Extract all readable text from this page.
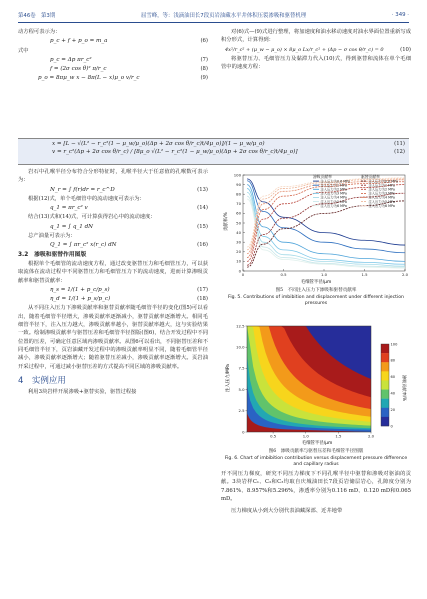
第46卷　第3期	屈雪峰，等：浅滴油田长7段页岩油藏水平井体积压裂渗吸和驱替机理	· 349 ·

动方程可表示为：

p_c + f + p_o = m_a	(6)

式中

p_c = Δp πr_c²	(7)
f = (2σ cos θ)² π/r_c	(8)
p_o = 8πμ_w x − 8π(L − x)μ_o v/r_c	(9)

对(6)式—(9)式进行整理，将加速度和油水移动速度对油水界面位置重新写成积分形式，计算得到：

4x²/r_c² + (μ_w − μ_o) × 8μ_o Lx/r_c² + (Δp − σ cos θ/r_c) = 0	(10)

将驱替压力、毛细管压力及黏滞力代入(10)式，得到驱替和流体在单个毛细管中的速度方程：

x = [L − √(L² − r_c²(1 − μ_w/μ_o)(Δp + 2σ cos θ/r_c)t/4μ_o)]/(1 − μ_w/μ_o)	(11)
v = r_c²(Δp + 2σ cos θ/r_c) / [8μ_o √(L² − r_c²(1 − μ_w/μ_o)(Δp + 2σ cos θ/r_c)t/4μ_o)]	(12)

岩石中孔喉半径分布符合分形特征时，孔喉半径大于任意值的孔喉数可表示为：

N_r = ∫ f(r)dr = r_c^D	(13)

根据(12)式，单个毛细管中的流动速度可表示为：

q_1 = πr_c² v	(14)

结合(13)式和(14)式，可计算获得岩心中的流动速度：

q_1 = ∫ q_1 dN	(15)

总产油量可表示为：

Q_1 = ∫ πr_c² x(r_c) dN	(16)

3.2　渗吸和驱替作用图版

根据单个毛细管的流动速度方程，通过改变驱替压力和毛细管压力，可以获取流体在流动过程中不同驱替压力和毛细管压力下的流动速度，进而计算渗吸贡献率和驱替贡献率：

η_s = 1/(1 + p_c/p_s)	(17)
η_d = 1/(1 + p_s/p_c)	(18)

从不同注入压力下渗吸贡献率和驱替贡献率随毛细管半径的变化(图5)可以看出，随着毛细管半径增大，渗吸贡献率逐渐减小，驱替贡献率逐渐增大。相同毛细管半径下，注入压力越大，渗吸贡献率越小，驱替贡献率越大，这与实验结果一致。绘制渗吸贡献率与驱替压差和毛细管半径图版(图6)，结合开发过程中不同位置的压差，可确定任意区域内渗吸贡献率。从图6可以看出，不同驱替压差和不同毛细管半径下，页岩油藏开发过程中的渗吸贡献率明显不同，随着毛细管半径减小，渗吸贡献率逐渐增大；随着驱替压差减小，渗吸贡献率逐渐增大。页岩油开采过程中，可通过减小驱替压差的方式提高不同区域的渗吸贡献率。

4　实例应用

利用3块岩样开展渗吸+驱替实验，驱替过程接

0
10
20
30
40
50
60
70
80
90
100
0	0.5	1.0	1.5	2.0
渗吸贡献率	驱替贡献率
注入压力为0.6 MPa
注入压力为1 MPa
注入压力为2 MPa
注入压力为3 MPa
注入压力为4 MPa
注入压力为5 MPa
注入压力为6 MPa
注入压力为0.6 MPa
注入压力为1 MPa
注入压力为2 MPa
注入压力为3 MPa
注入压力为4 MPa
注入压力为5 MPa
注入压力为6 MPa
贡献率/%
毛细管半径/μm

图5　不同注入压力下渗吸和驱替贡献率

Fig. 5. Contributions of imbibition and displacement under different injection pressures

0
2.5
5.0
7.5
10.0
12.5
0.5	1.0	1.5	2.0
100
80
60
40
20
0
注入压力/MPa
毛细管半径/μm
渗吸贡献率/%

图6　渗吸贡献率与驱替压差和毛细管半径图版

Fig. 6. Chart of imbibition contribution versus displacement pressure difference and capillary radius

开不同压力梯度，研究不同压力梯度下不同孔喉半径中驱替和渗吸对驱油的贡献。3块岩样C₁、C₂和C₃均取自庆城油田长7段页岩储层岩心，孔隙度分别为7.861%、8.957%和5.296%，渗透率分别为0.116 mD、0.120 mD和0.065 mD。

压力梯度从小到大分别代表油藏深部、近井地带
